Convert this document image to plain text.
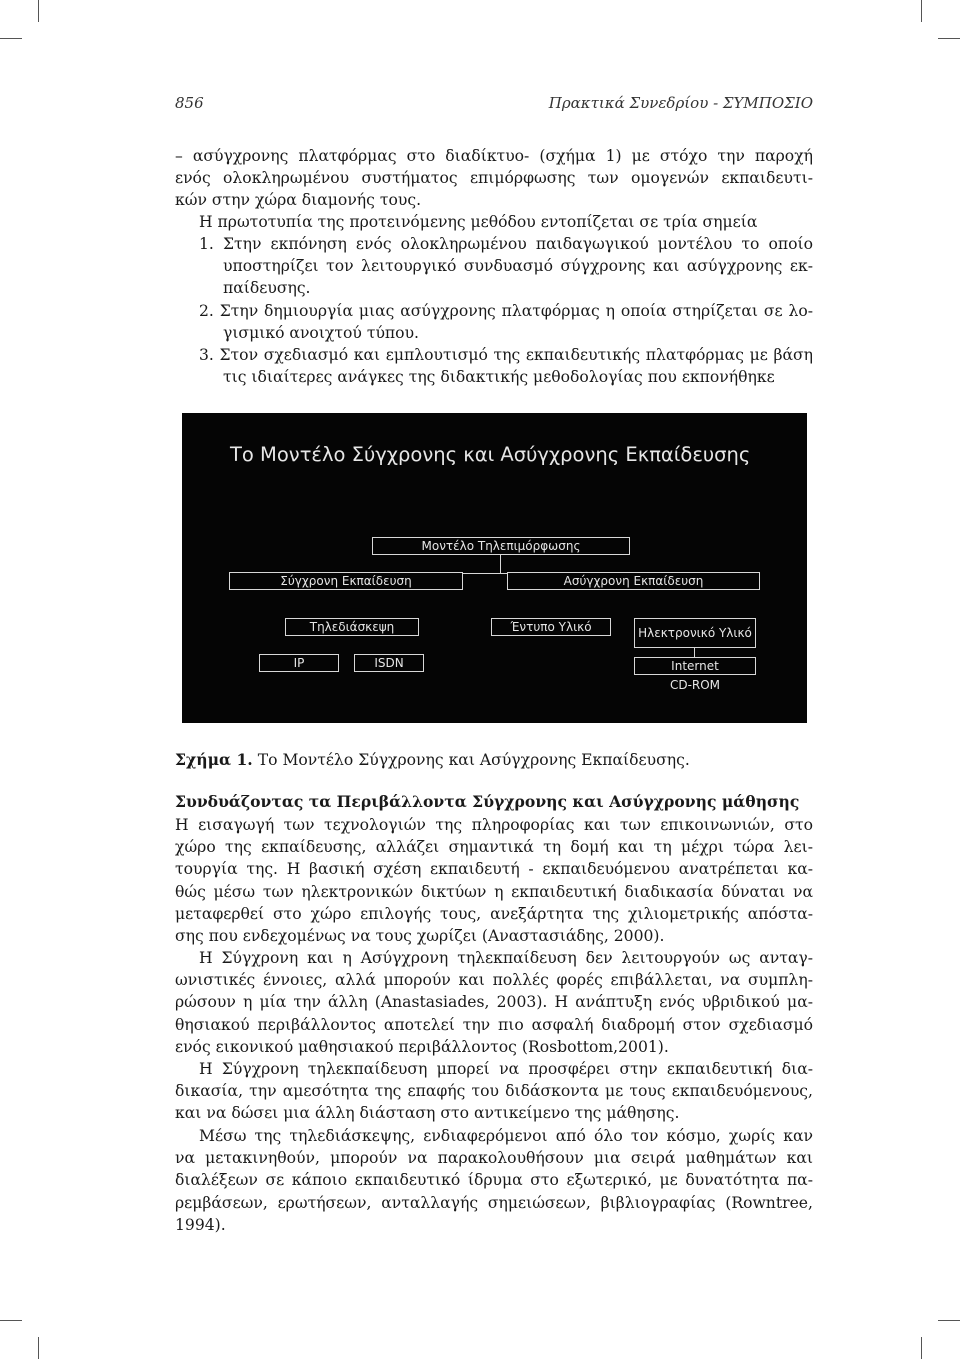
856	Πρακτικά Συνεδρίου - ΣΥΜΠΟΣΙΟ

– ασύγχρονης πλατφόρμας στο διαδίκτυο- (σχήμα 1) με στόχο την παροχή
ενός ολοκληρωμένου συστήματος επιμόρφωσης των ομογενών εκπαιδευτι-
κών στην χώρα διαμονής τους.

Η πρωτοτυπία της προτεινόμενης μεθόδου εντοπίζεται σε τρία σημεία

1. Στην εκπόνηση ενός ολοκληρωμένου παιδαγωγικού μοντέλου το οποίο
υποστηρίζει τον λειτουργικό συνδυασμό σύγχρονης και ασύγχρονης εκ-
παίδευσης.
2. Στην δημιουργία μιας ασύγχρονης πλατφόρμας η οποία στηρίζεται σε λο-
γισμικό ανοιχτού τύπου.
3. Στον σχεδιασμό και εμπλουτισμό της εκπαιδευτικής πλατφόρμας με βάση
τις ιδιαίτερες ανάγκες της διδακτικής μεθοδολογίας που εκπονήθηκε
Το Μοντέλο Σύγχρονης και Ασύγχρονης Εκπαίδευσης
Μοντέλο Τηλεπιμόρφωσης
Σύγχρονη Εκπαίδευση	Ασύγχρονη Εκπαίδευση
Τηλεδιάσκεψη	Έντυπο Υλικό	Ηλεκτρονικό Υλικό
IP	ISDN	Internet
CD-ROM
Σχήμα 1. Το Μοντέλο Σύγχρονης και Ασύγχρονης Εκπαίδευσης.
Συνδυάζοντας τα Περιβάλλοντα Σύγχρονης και Ασύγχρονης μάθησης
Η εισαγωγή των τεχνολογιών της πληροφορίας και των επικοινωνιών, στο
χώρο της εκπαίδευσης, αλλάζει σημαντικά τη δομή και τη μέχρι τώρα λει-
τουργία της. Η βασική σχέση εκπαιδευτή - εκπαιδευόμενου ανατρέπεται κα-
θώς μέσω των ηλεκτρονικών δικτύων η εκπαιδευτική διαδικασία δύναται να
μεταφερθεί στο χώρο επιλογής τους, ανεξάρτητα της χιλιομετρικής απόστα-
σης που ενδεχομένως να τους χωρίζει (Αναστασιάδης, 2000).
Η Σύγχρονη και η Ασύγχρονη τηλεκπαίδευση δεν λειτουργούν ως ανταγ-
ωνιστικές έννοιες, αλλά μπορούν και πολλές φορές επιβάλλεται, να συμπλη-
ρώσουν η μία την άλλη (Anastasiades, 2003). Η ανάπτυξη ενός υβριδικού μα-
θησιακού περιβάλλοντος αποτελεί την πιο ασφαλή διαδρομή στον σχεδιασμό
ενός εικονικού μαθησιακού περιβάλλοντος (Rosbottom,2001).
Η Σύγχρονη τηλεκπαίδευση μπορεί να προσφέρει στην εκπαιδευτική δια-
δικασία, την αμεσότητα της επαφής του διδάσκοντα με τους εκπαιδευόμενους,
και να δώσει μια άλλη διάσταση στο αντικείμενο της μάθησης.
Μέσω της τηλεδιάσκεψης, ενδιαφερόμενοι από όλο τον κόσμο, χωρίς καν
να μετακινηθούν, μπορούν να παρακολουθήσουν μια σειρά μαθημάτων και
διαλέξεων σε κάποιο εκπαιδευτικό ίδρυμα στο εξωτερικό, με δυνατότητα πα-
ρεμβάσεων, ερωτήσεων, ανταλλαγής σημειώσεων, βιβλιογραφίας (Rowntree,
1994).
